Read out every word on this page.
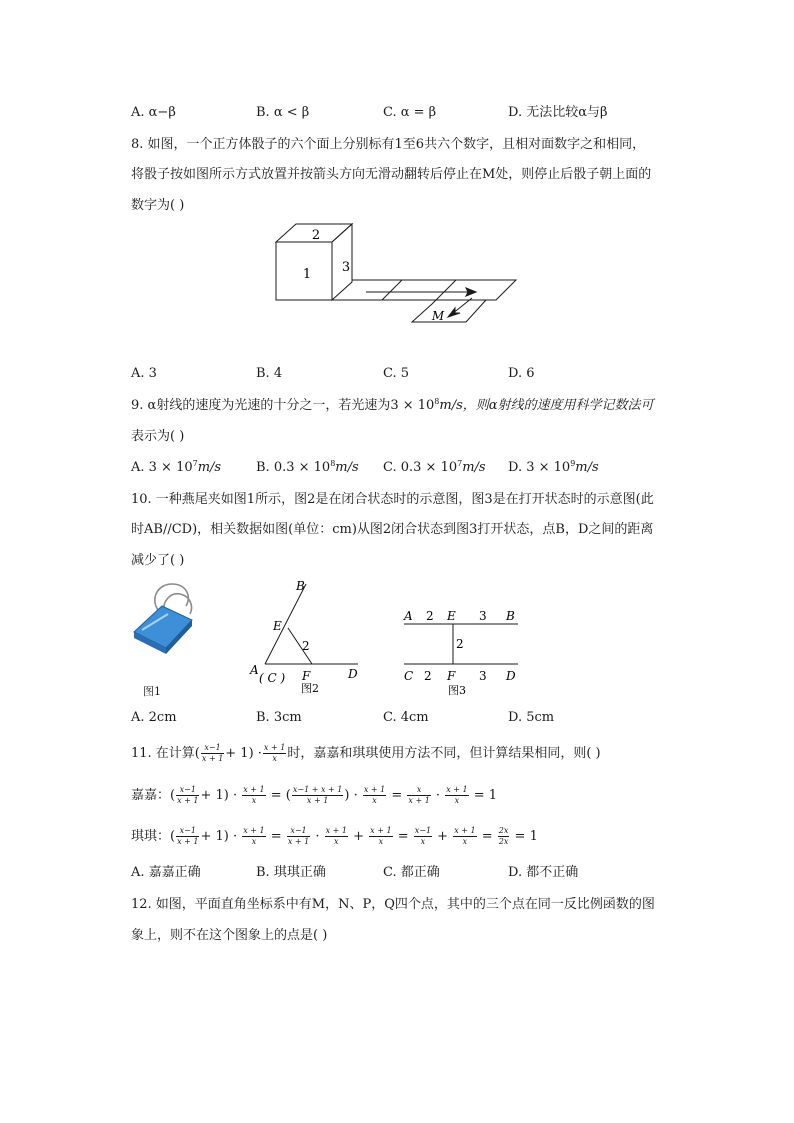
A. α−β	B. α < β	C. α = β	D. 无法比较α与β
8. 如图，一个正方体骰子的六个面上分别标有1至6共六个数字，且相对面数字之和相同，
将骰子按如图所示方式放置并按箭头方向无滑动翻转后停止在M处，则停止后骰子朝上面的
数字为( )
2
1 3
M
A. 3	B. 4	C. 5	D. 6
9. α射线的速度为光速的十分之一，若光速为$3 \times 10^8m/s$，则α射线的速度用科学记数法可
表示为( )
A. $3 \times 10^7m/s$	B. $0.3 \times 10^8m/s$ C. $0.3 \times 10^7m/s$ D. $3 \times 10^9m/s$
10. 一种燕尾夹如图1所示，图2是在闭合状态时的示意图，图3是在打开状态时的示意图(此
时AB//CD)，相关数据如图(单位：cm)从图2闭合状态到图3打开状态，点B，D之间的距离
减少了( )
图1
B
E
2
A
( C ) F	D
图2
A 2 E 3 B
2
C 2 F 3 D
图3
A. 2cm	B. 3cm	C. 4cm	D. 5cm
11. 在计算( $\frac{x-1}{x + 1} + 1) \cdot \frac{x + 1}{x}$ 时，嘉嘉和琪琪使用方法不同，但计算结果相同，则( )
嘉嘉：( $\frac{x-1}{x + 1} + 1) \cdot \frac{x + 1}{x}$ = ( $\frac{x-1 + x + 1}{x + 1}$ ) · $\frac{x + 1}{x} = \frac{x}{x + 1} \cdot \frac{x + 1}{x} = 1$
琪琪：( $\frac{x-1}{x + 1} + 1) \cdot \frac{x + 1}{x} = \frac{x-1}{x + 1} \cdot \frac{x + 1}{x} + \frac{x + 1}{x} = \frac{x-1}{x} + \frac{x + 1}{x} = \frac{2x}{2x} = 1$
A. 嘉嘉正确	B. 琪琪正确	C. 都正确	D. 都不正确
12. 如图，平面直角坐标系中有M，N、P，Q四个点，其中的三个点在同一反比例函数的图
象上，则不在这个图象上的点是( )
